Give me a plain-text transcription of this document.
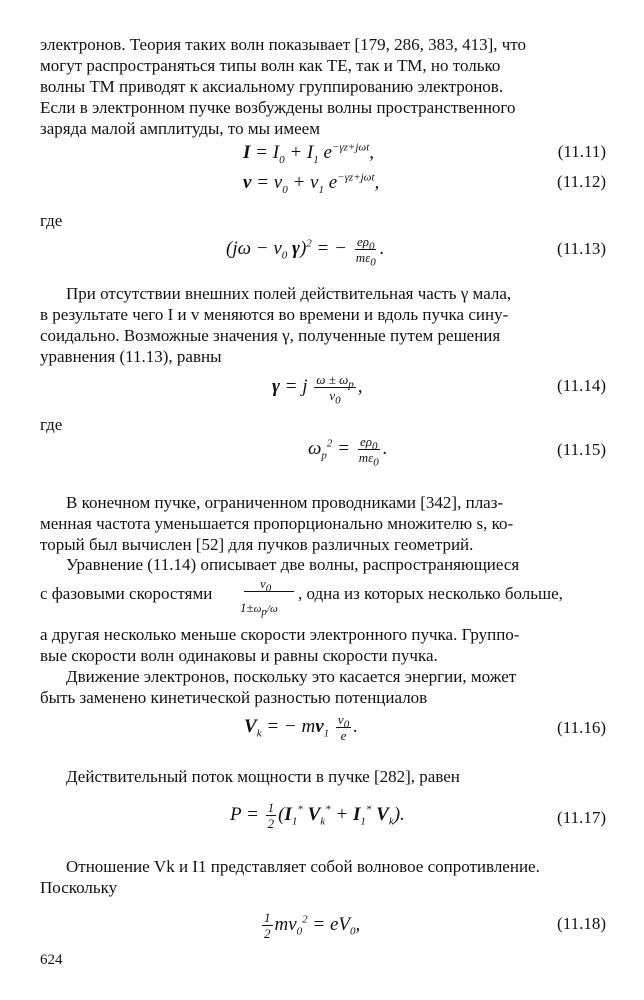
электронов. Теория таких волн показывает [179, 286, 383, 413], что
могут распространяться типы волн как ТЕ, так и ТМ, но только
волны ТМ приводят к аксиальному группированию электронов.
Если в электронном пучке возбуждены волны пространственного
заряда малой амплитуды, то мы имеем
$I = I_0 + I_1$ $e^{-\gamma z+j\omega t}$,	(11.11)
$v = v_0 + v_1$ $e^{-\gamma z+j\omega t}$,	(11.12)
где
($j\omega - v_0$ γ)$^2$ = − $\frac{e\rho_0}{m\varepsilon_0}$ .	(11.13)
При отсутствии внешних полей действительная часть γ мала,
в результате чего I и v меняются во времени и вдоль пучка сину-
соидально. Возможные значения γ, полученные путем решения
уравнения (11.13), равны
γ = j $\frac{\omega \pm \omega_p}{v_0}$ ,	(11.14)
где
$\omega_p^2 = \frac{e\rho_0}{m\varepsilon_0}$ .	(11.15)
В конечном пучке, ограниченном проводниками [342], плаз-
менная частота уменьшается пропорционально множителю s, ко-
торый был вычислен [52] для пучков различных геометрий.
Уравнение (11.14) описывает две волны, распространяющиеся
с фазовыми скоростями
$v_0$
$1\pm\omega_p/\omega$
, одна из которых несколько больше,
а другая несколько меньше скорости электронного пучка. Группо-
вые скорости волн одинаковы и равны скорости пучка.
Движение электронов, поскольку это касается энергии, может
быть заменено кинетической разностью потенциалов
$V_k$ = − $mv_1 \frac{v_0}{e}$ .	(11.16)
Действительный поток мощности в пучке [282], равен
$P = \frac{1}{2} (I_1^*$ $V_k^* + I_1^*$ $V_k$).	(11.17)
Отношение Vk и I1 представляет собой волновое сопротивление.
Поскольку
$\frac{1}{2} mv_0^2 = eV_0$,	(11.18)
624
